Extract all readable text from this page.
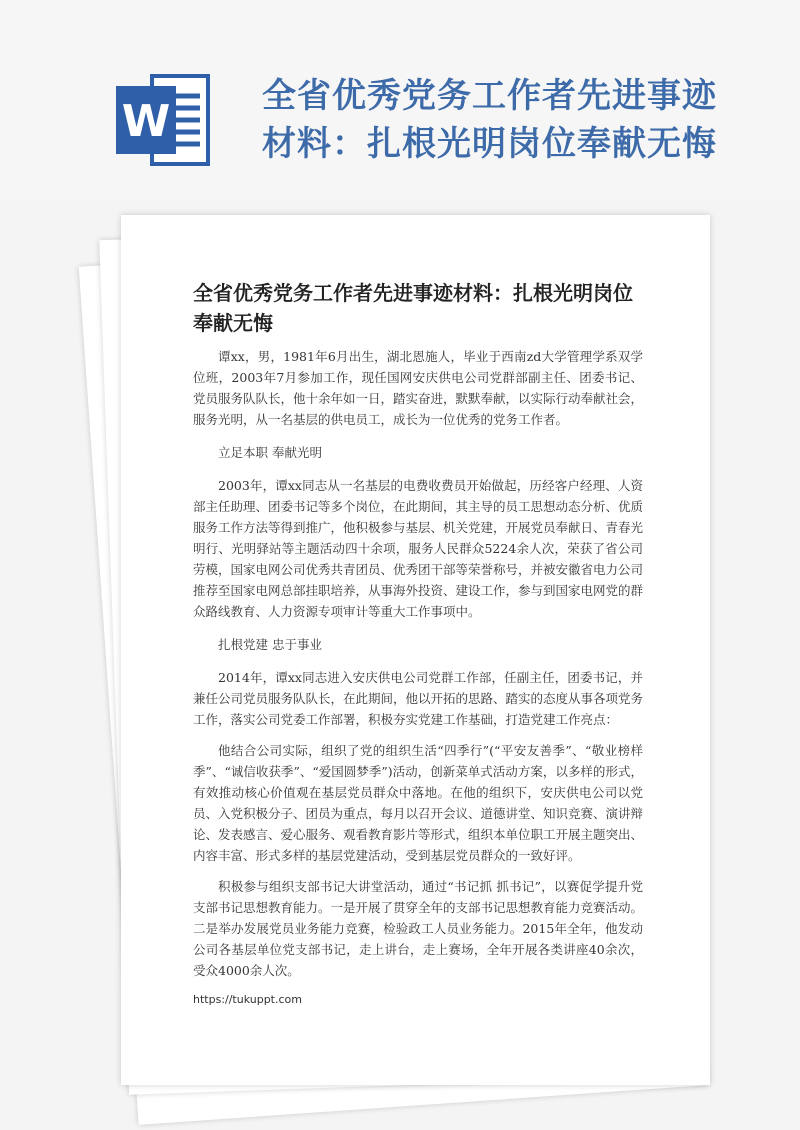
W	全省优秀党务工作者先进事迹
材料：扎根光明岗位奉献无悔
全省优秀党务工作者先进事迹材料：扎根光明岗位奉献无悔

谭xx，男，1981年6月出生，湖北恩施人，毕业于西南zd大学管理学系双学位班，2003年7月参加工作，现任国网安庆供电公司党群部副主任、团委书记、党员服务队队长，他十余年如一日，踏实奋进，默默奉献，以实际行动奉献社会，服务光明，从一名基层的供电员工，成长为一位优秀的党务工作者。

立足本职 奉献光明

2003年，谭xx同志从一名基层的电费收费员开始做起，历经客户经理、人资部主任助理、团委书记等多个岗位，在此期间，其主导的员工思想动态分析、优质服务工作方法等得到推广，他积极参与基层、机关党建，开展党员奉献日、青春光明行、光明驿站等主题活动四十余项，服务人民群众5224余人次，荣获了省公司劳模，国家电网公司优秀共青团员、优秀团干部等荣誉称号，并被安徽省电力公司推荐至国家电网总部挂职培养，从事海外投资、建设工作，参与到国家电网党的群众路线教育、人力资源专项审计等重大工作事项中。

扎根党建 忠于事业

2014年，谭xx同志进入安庆供电公司党群工作部，任副主任，团委书记，并兼任公司党员服务队队长，在此期间，他以开拓的思路、踏实的态度从事各项党务工作，落实公司党委工作部署，积极夯实党建工作基础，打造党建工作亮点：

他结合公司实际，组织了党的组织生活“四季行”(“平安友善季”、“敬业榜样季”、“诚信收获季”、“爱国圆梦季”)活动，创新菜单式活动方案，以多样的形式，有效推动核心价值观在基层党员群众中落地。在他的组织下，安庆供电公司以党员、入党积极分子、团员为重点，每月以召开会议、道德讲堂、知识竞赛、演讲辩论、发表感言、爱心服务、观看教育影片等形式，组织本单位职工开展主题突出、内容丰富、形式多样的基层党建活动，受到基层党员群众的一致好评。

积极参与组织支部书记大讲堂活动，通过“书记抓 抓书记”，以赛促学提升党支部书记思想教育能力。一是开展了贯穿全年的支部书记思想教育能力竞赛活动。二是举办发展党员业务能力竞赛，检验政工人员业务能力。2015年全年，他发动公司各基层单位党支部书记，走上讲台，走上赛场，全年开展各类讲座40余次，受众4000余人次。

https://tukuppt.com
